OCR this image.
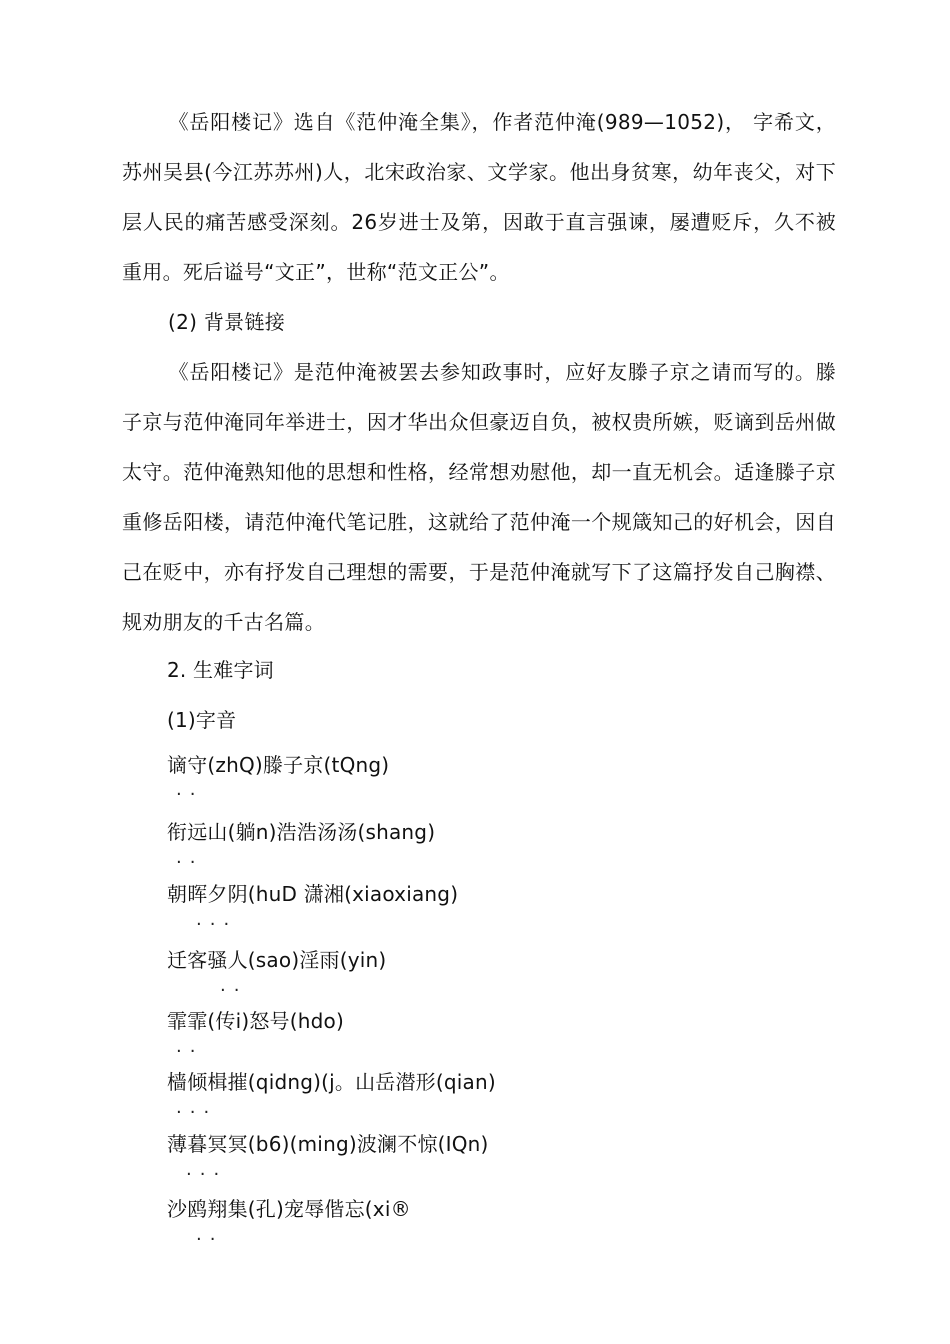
《岳阳楼记》选自《范仲淹全集》，作者范仲淹(989—1052)， 字希文，苏州吴县(今江苏苏州)人，北宋政治家、文学家。他出身贫寒，幼年丧父，对下层人民的痛苦感受深刻。26岁进士及第，因敢于直言强谏，屡遭贬斥，久不被重用。死后谥号“文正”，世称“范文正公”。

(2) 背景链接

《岳阳楼记》是范仲淹被罢去参知政事时，应好友滕子京之请而写的。滕子京与范仲淹同年举进士，因才华出众但豪迈自负，被权贵所嫉，贬谪到岳州做太守。范仲淹熟知他的思想和性格，经常想劝慰他，却一直无机会。适逢滕子京重修岳阳楼，请范仲淹代笔记胜，这就给了范仲淹一个规箴知己的好机会，因自己在贬中，亦有抒发自己理想的需要，于是范仲淹就写下了这篇抒发自己胸襟、规劝朋友的千古名篇。

2. 生难字词
(1)字音
谪守(zhQ)滕子京(tQng)
··
衔远山(躺n)浩浩汤汤(shang)
··
朝晖夕阴(huD 潇湘(xiaoxiang)
···
迁客骚人(sao)淫雨(yin)
··
霏霏(传i)怒号(hdo)
··
樯倾楫摧(qidng)(j。山岳潜形(qian)
···
薄暮冥冥(b6)(ming)波澜不惊(IQn)
···
沙鸥翔集(孔)宠辱偕忘(xi®
··
